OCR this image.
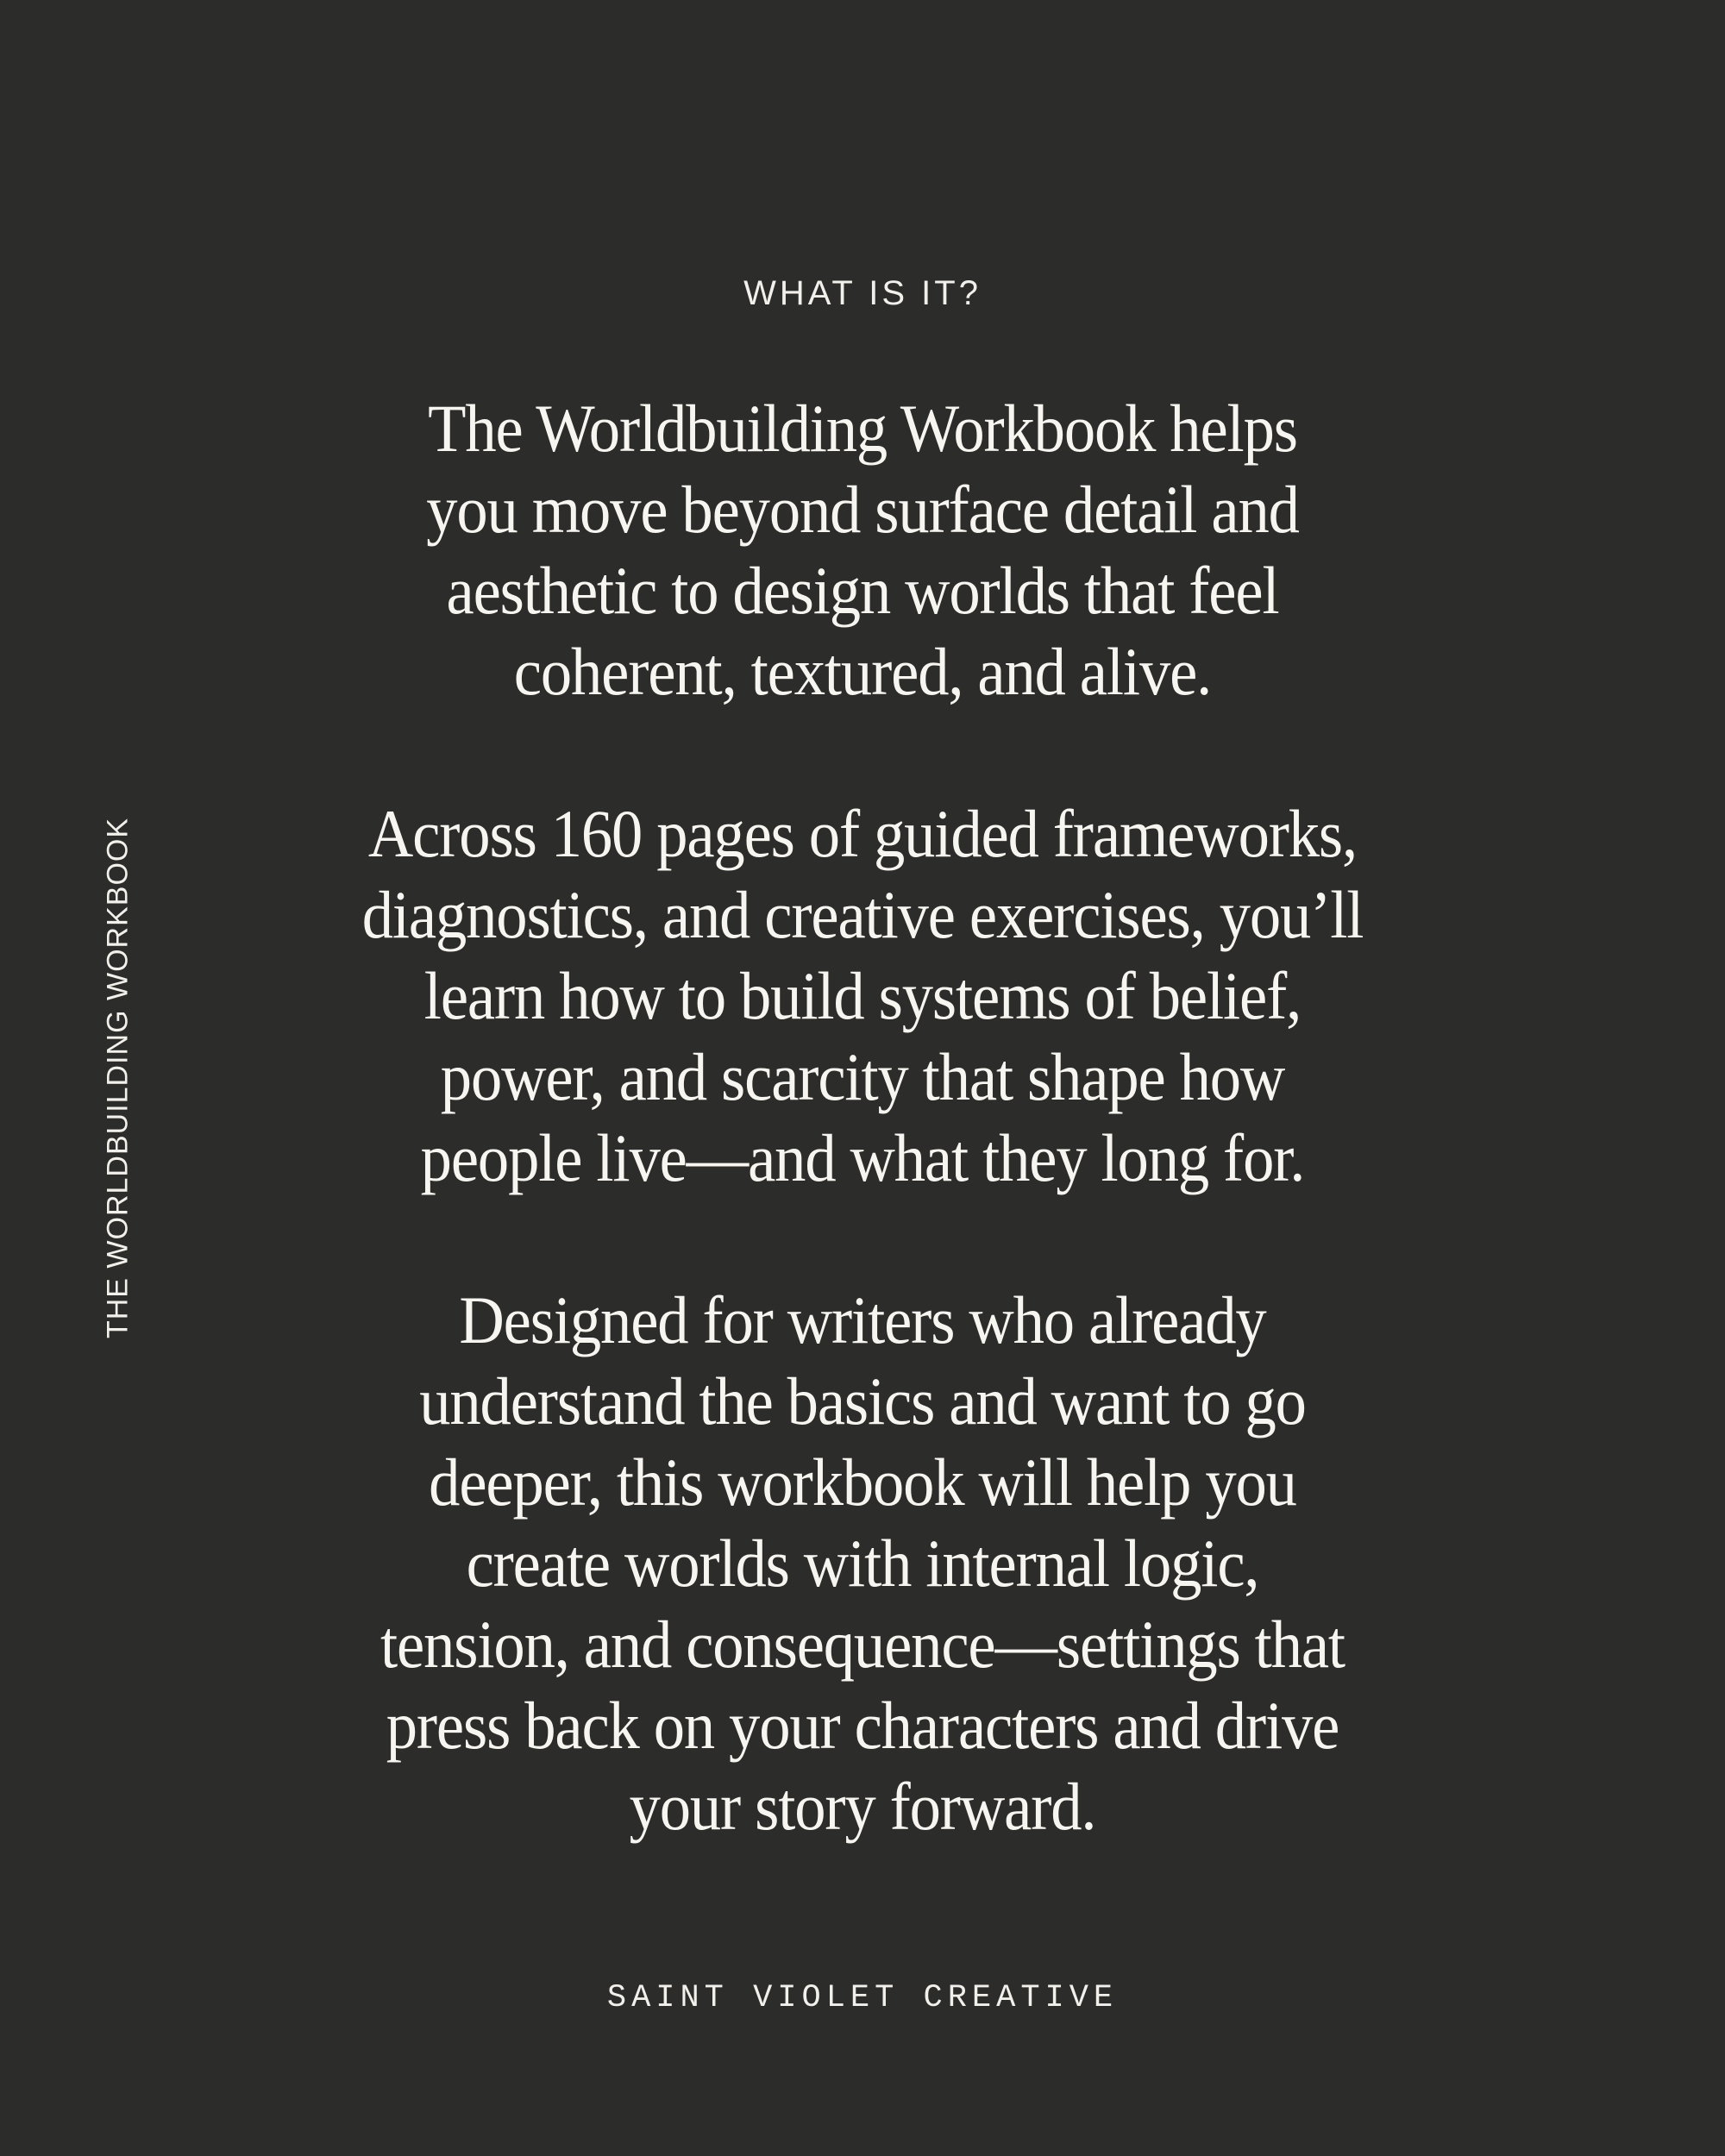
WHAT IS IT?
THE WORLDBUILDING WORKBOOK

The Worldbuilding Workbook helps
you move beyond surface detail and
aesthetic to design worlds that feel
coherent, textured, and alive.

Across 160 pages of guided frameworks,
diagnostics, and creative exercises, you’ll
learn how to build systems of belief,
power, and scarcity that shape how
people live—and what they long for.

Designed for writers who already
understand the basics and want to go
deeper, this workbook will help you
create worlds with internal logic,
tension, and consequence—settings that
press back on your characters and drive
your story forward.

SAINT VIOLET CREATIVE
